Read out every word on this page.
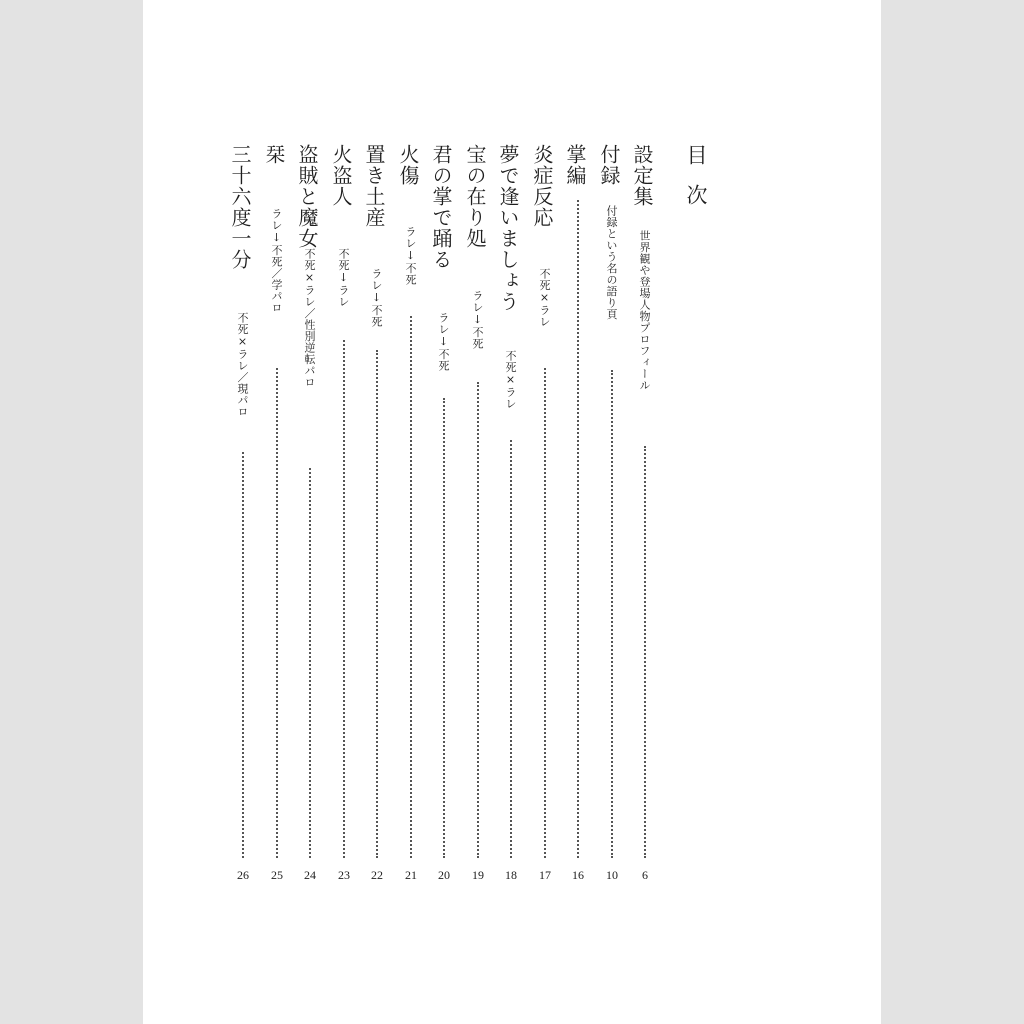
目次
設定集
世界観や登場人物プロフィール
6
付録
付録という名の語り頁
10
掌編
16
炎症反応
不死×ラレ
17
夢で逢いましょう
不死×ラレ
18
宝の在り処
ラレ↓不死
19
君の掌で踊る
ラレ↓不死
20
火傷
ラレ↓不死
21
置き土産
ラレ↓不死
22
火盗人
不死↓ラレ
23
盗賊と魔女
不死×ラレ／性別逆転パロ
24
栞
ラレ↓不死／学パロ
25
三十六度一分
不死×ラレ／現パロ
26
